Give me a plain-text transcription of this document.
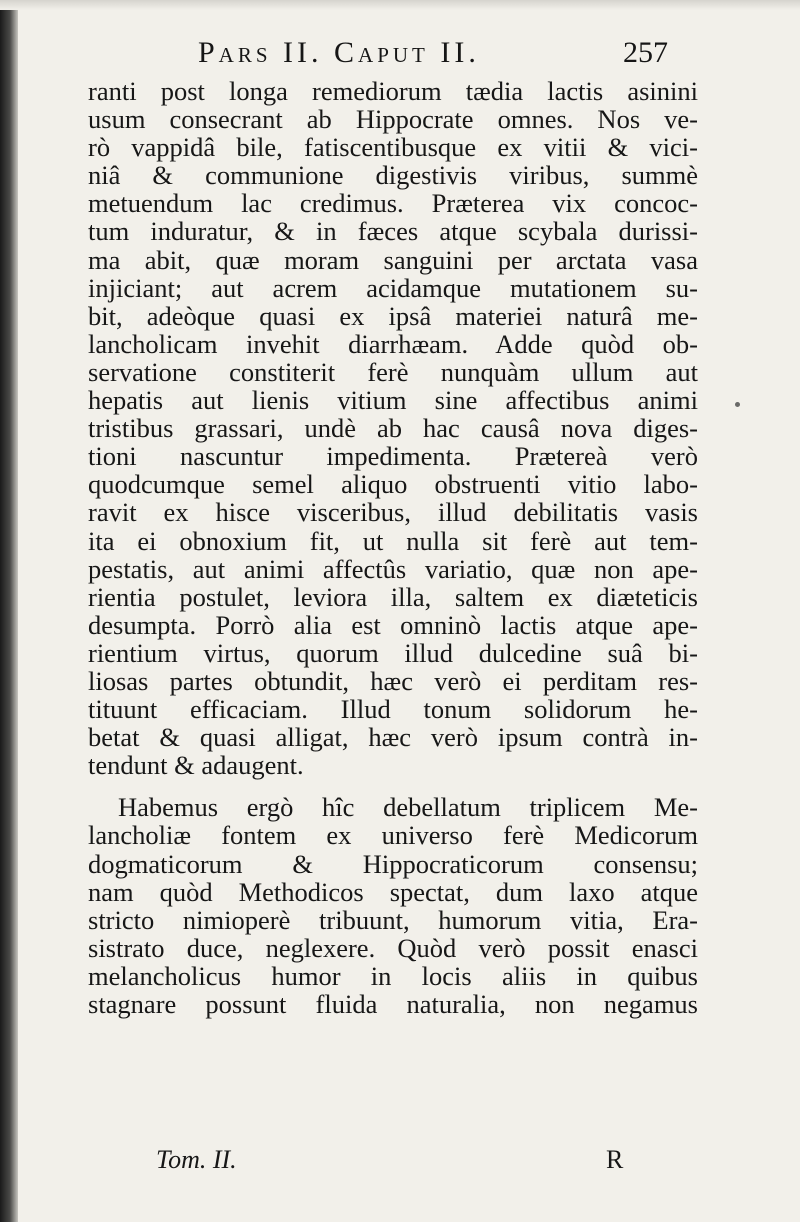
Pars II. Caput II.	257
ranti post longa remediorum tædia lactis asinini
usum consecrant ab Hippocrate omnes. Nos ve-
rò vappidâ bile, fatiscentibusque ex vitii & vici-
niâ & communione digestivis viribus, summè
metuendum lac credimus. Præterea vix concoc-
tum induratur, & in fæces atque scybala durissi-
ma abit, quæ moram sanguini per arctata vasa
injiciant; aut acrem acidamque mutationem su-
bit, adeòque quasi ex ipsâ materiei naturâ me-
lancholicam invehit diarrhæam. Adde quòd ob-
servatione constiterit ferè nunquàm ullum aut
hepatis aut lienis vitium sine affectibus animi
tristibus grassari, undè ab hac causâ nova diges-
tioni nascuntur impedimenta. Prætereà verò
quodcumque semel aliquo obstruenti vitio labo-
ravit ex hisce visceribus, illud debilitatis vasis
ita ei obnoxium fit, ut nulla sit ferè aut tem-
pestatis, aut animi affectûs variatio, quæ non ape-
rientia postulet, leviora illa, saltem ex diæteticis
desumpta. Porrò alia est omninò lactis atque ape-
rientium virtus, quorum illud dulcedine suâ bi-
liosas partes obtundit, hæc verò ei perditam res-
tituunt efficaciam. Illud tonum solidorum he-
betat & quasi alligat, hæc verò ipsum contrà in-
tendunt & adaugent.
Habemus ergò hîc debellatum triplicem Me-
lancholiæ fontem ex universo ferè Medicorum
dogmaticorum & Hippocraticorum consensu;
nam quòd Methodicos spectat, dum laxo atque
stricto nimioperè tribuunt, humorum vitia, Era-
sistrato duce, neglexere. Quòd verò possit enasci
melancholicus humor in locis aliis in quibus
stagnare possunt fluida naturalia, non negamus
Tom. II.	R
